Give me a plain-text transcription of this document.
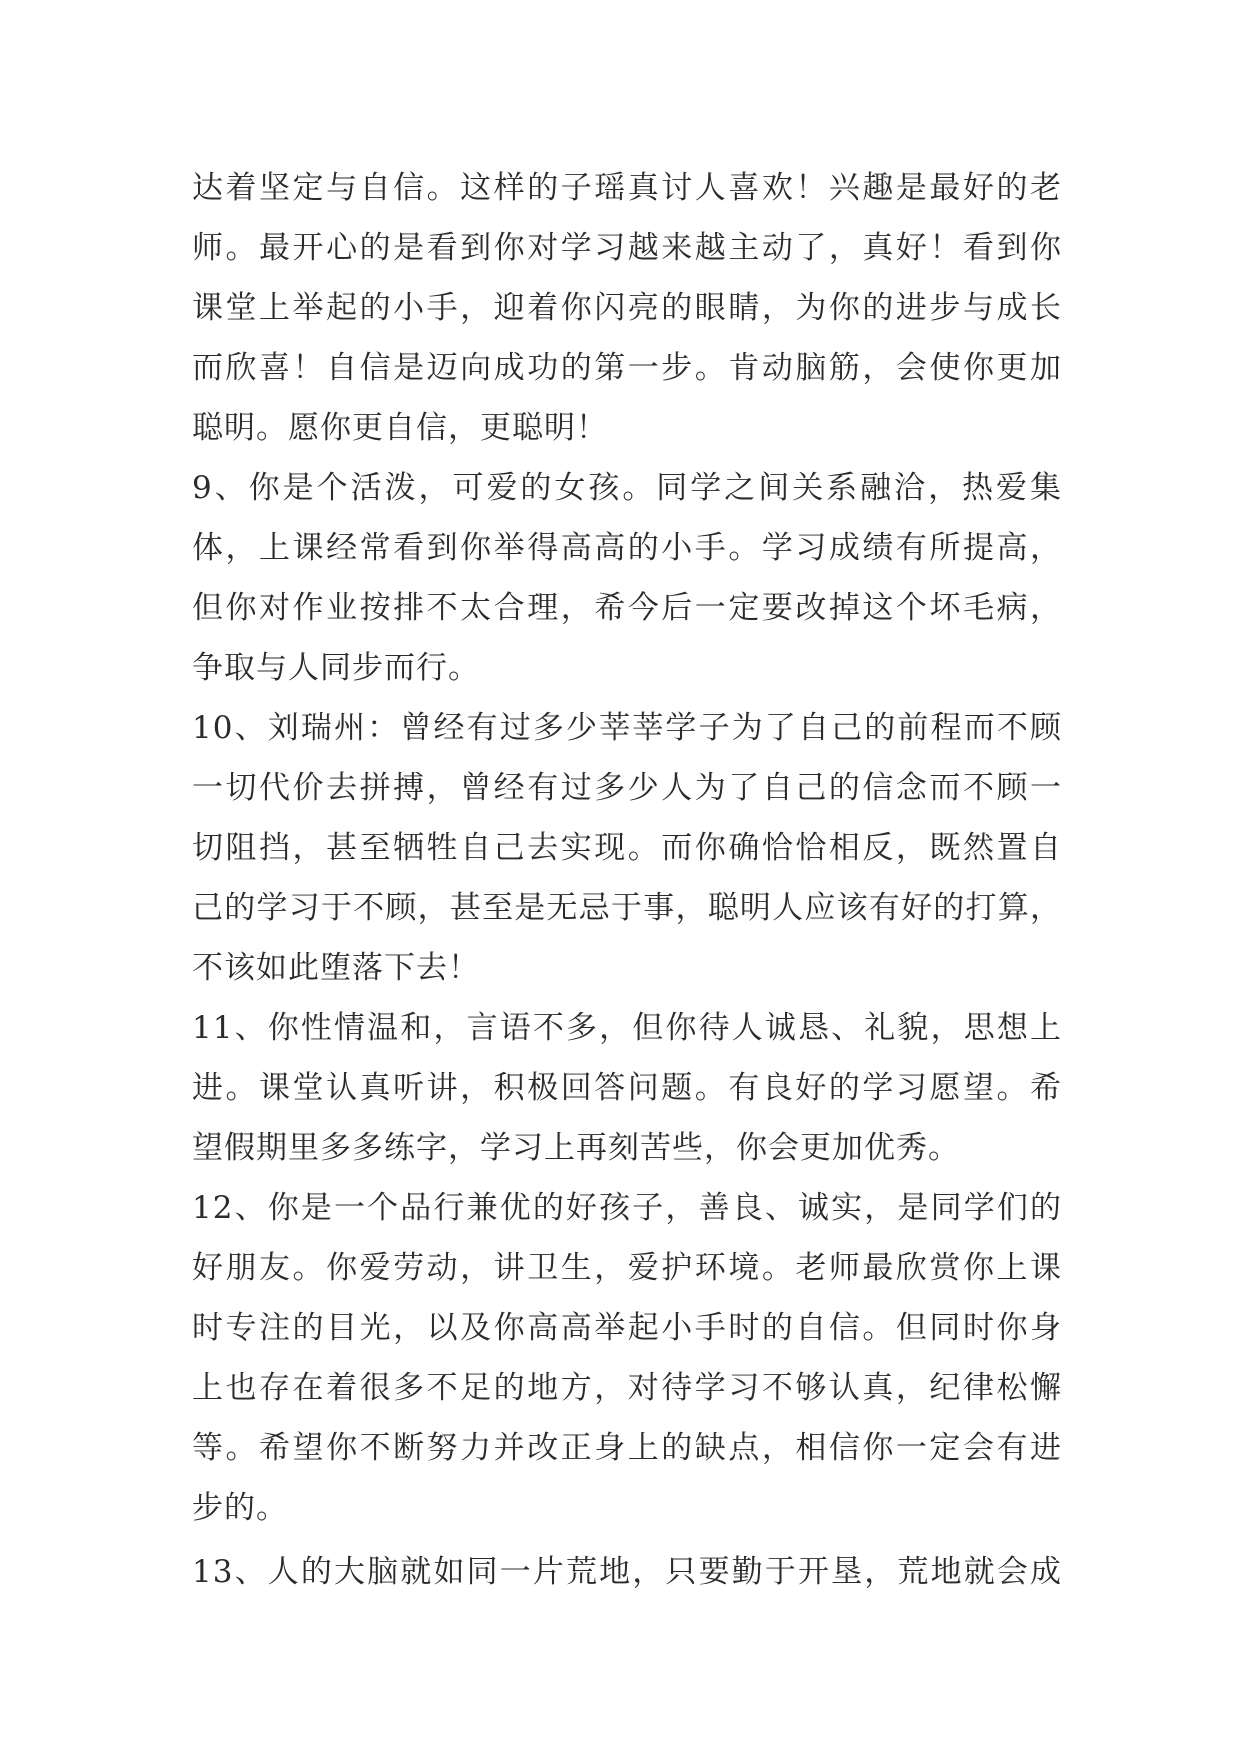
达着坚定与自信。这样的子瑶真讨人喜欢！兴趣是最好的老
师。最开心的是看到你对学习越来越主动了，真好！看到你
课堂上举起的小手，迎着你闪亮的眼睛，为你的进步与成长
而欣喜！自信是迈向成功的第一步。肯动脑筋，会使你更加
聪明。愿你更自信，更聪明！
9、你是个活泼，可爱的女孩。同学之间关系融洽，热爱集
体，上课经常看到你举得高高的小手。学习成绩有所提高，
但你对作业按排不太合理，希今后一定要改掉这个坏毛病，
争取与人同步而行。
10、刘瑞州：曾经有过多少莘莘学子为了自己的前程而不顾
一切代价去拼搏，曾经有过多少人为了自己的信念而不顾一
切阻挡，甚至牺牲自己去实现。而你确恰恰相反，既然置自
己的学习于不顾，甚至是无忌于事，聪明人应该有好的打算，
不该如此堕落下去！
11、你性情温和，言语不多，但你待人诚恳、礼貌，思想上
进。课堂认真听讲，积极回答问题。有良好的学习愿望。希
望假期里多多练字，学习上再刻苦些，你会更加优秀。
12、你是一个品行兼优的好孩子，善良、诚实，是同学们的
好朋友。你爱劳动，讲卫生，爱护环境。老师最欣赏你上课
时专注的目光，以及你高高举起小手时的自信。但同时你身
上也存在着很多不足的地方，对待学习不够认真，纪律松懈
等。希望你不断努力并改正身上的缺点，相信你一定会有进
步的。
13、人的大脑就如同一片荒地，只要勤于开垦，荒地就会成
